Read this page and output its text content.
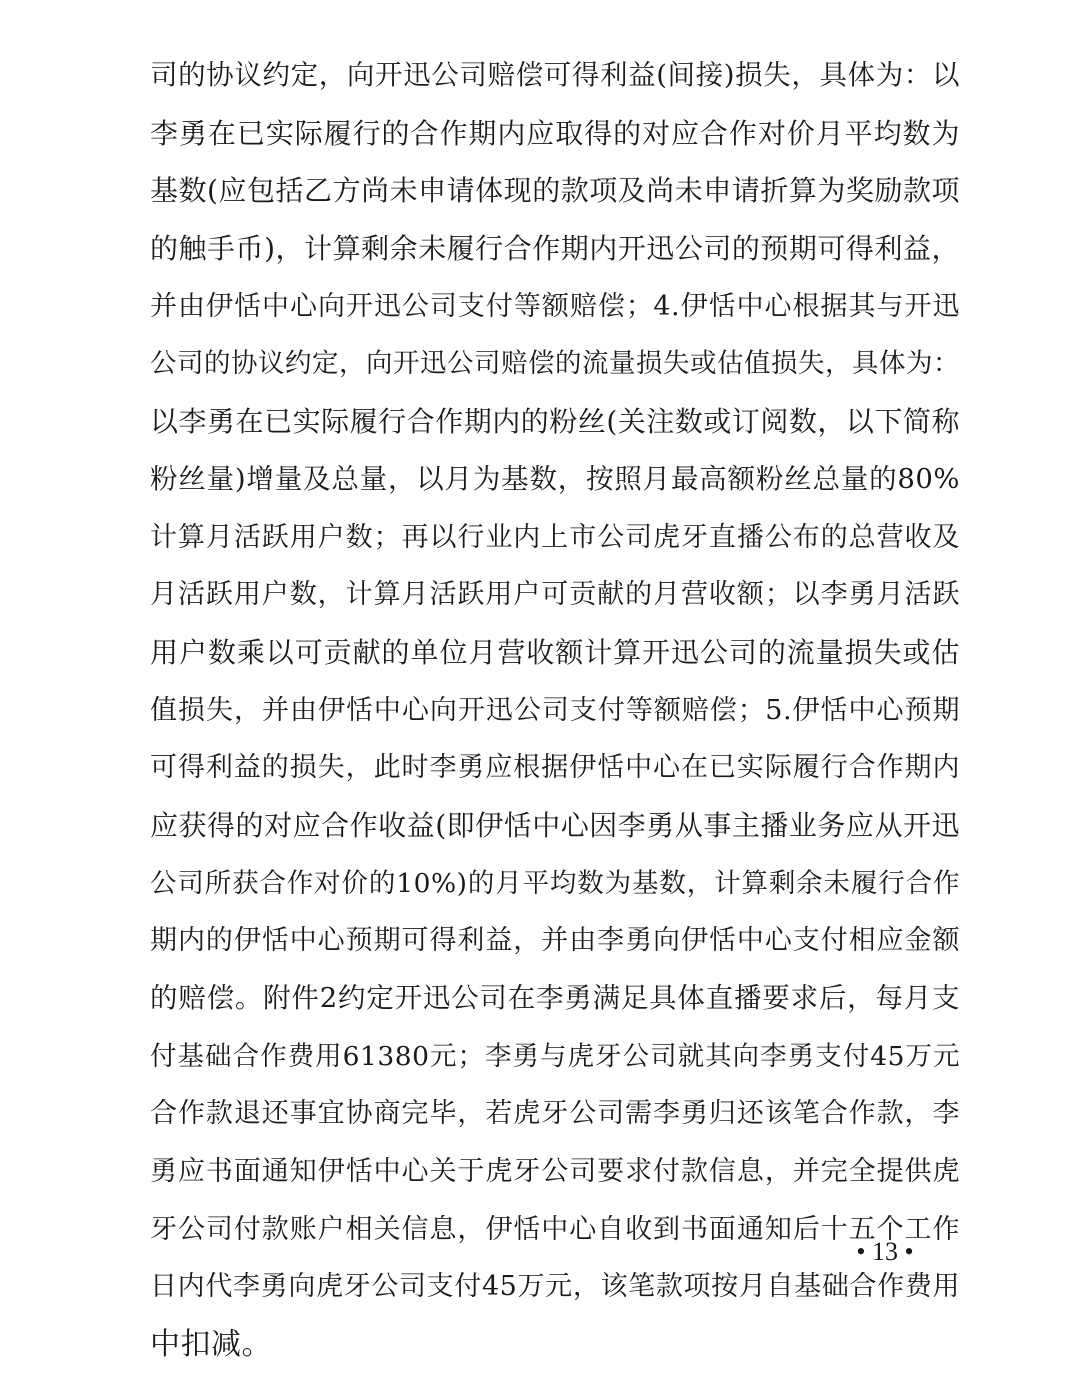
司的协议约定，向开迅公司赔偿可得利益(间接)损失，具体为：以
李勇在已实际履行的合作期内应取得的对应合作对价月平均数为
基数(应包括乙方尚未申请体现的款项及尚未申请折算为奖励款项
的触手币)，计算剩余未履行合作期内开迅公司的预期可得利益，
并由伊恬中心向开迅公司支付等额赔偿；4.伊恬中心根据其与开迅
公司的协议约定，向开迅公司赔偿的流量损失或估值损失，具体为：
以李勇在已实际履行合作期内的粉丝(关注数或订阅数，以下简称
粉丝量)增量及总量，以月为基数，按照月最高额粉丝总量的80%
计算月活跃用户数；再以行业内上市公司虎牙直播公布的总营收及
月活跃用户数，计算月活跃用户可贡献的月营收额；以李勇月活跃
用户数乘以可贡献的单位月营收额计算开迅公司的流量损失或估
值损失，并由伊恬中心向开迅公司支付等额赔偿；5.伊恬中心预期
可得利益的损失，此时李勇应根据伊恬中心在已实际履行合作期内
应获得的对应合作收益(即伊恬中心因李勇从事主播业务应从开迅
公司所获合作对价的10%)的月平均数为基数，计算剩余未履行合作
期内的伊恬中心预期可得利益，并由李勇向伊恬中心支付相应金额
的赔偿。附件2约定开迅公司在李勇满足具体直播要求后，每月支
付基础合作费用61380元；李勇与虎牙公司就其向李勇支付45万元
合作款退还事宜协商完毕，若虎牙公司需李勇归还该笔合作款，李
勇应书面通知伊恬中心关于虎牙公司要求付款信息，并完全提供虎
牙公司付款账户相关信息，伊恬中心自收到书面通知后十五个工作
日内代李勇向虎牙公司支付45万元，该笔款项按月自基础合作费用
中扣减。
• 13 •
